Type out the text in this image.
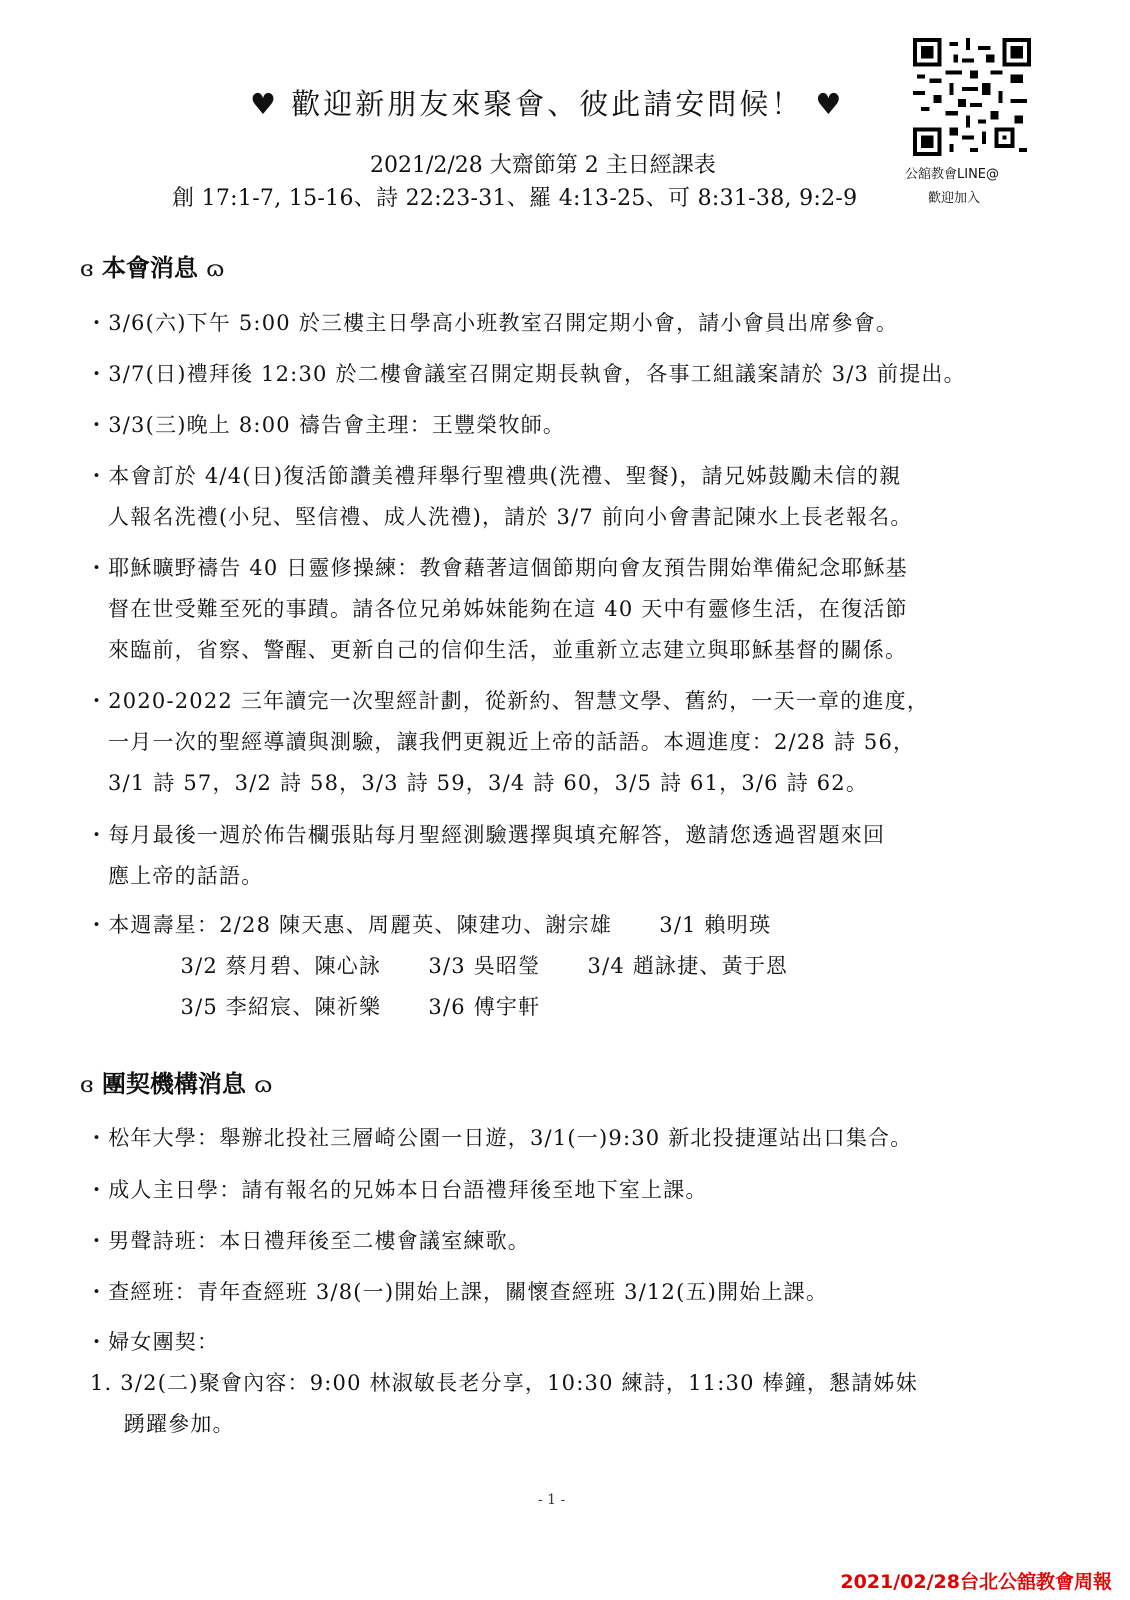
♥ 歡迎新朋友來聚會、彼此請安問候！ ♥
2021/2/28 大齋節第 2 主日經課表
創 17:1-7, 15-16、詩 22:23-31、羅 4:13-25、可 8:31-38, 9:2-9
公舘教會LINE@
歡迎加入
ɞ 本會消息 ɷ
・3/6(六)下午 5:00 於三樓主日學高小班教室召開定期小會，請小會員出席參會。
・3/7(日)禮拜後 12:30 於二樓會議室召開定期長執會，各事工組議案請於 3/3 前提出。
・3/3(三)晚上 8:00 禱告會主理：王豐榮牧師。
・本會訂於 4/4(日)復活節讚美禮拜舉行聖禮典(洗禮、聖餐)，請兄姊鼓勵未信的親
人報名洗禮(小兒、堅信禮、成人洗禮)，請於 3/7 前向小會書記陳水上長老報名。
・耶穌曠野禱告 40 日靈修操練：教會藉著這個節期向會友預告開始準備紀念耶穌基
督在世受難至死的事蹟。請各位兄弟姊妹能夠在這 40 天中有靈修生活，在復活節
來臨前，省察、警醒、更新自己的信仰生活，並重新立志建立與耶穌基督的關係。
・2020-2022 三年讀完一次聖經計劃，從新約、智慧文學、舊約，一天一章的進度，
一月一次的聖經導讀與測驗，讓我們更親近上帝的話語。本週進度：2/28 詩 56，
3/1 詩 57，3/2 詩 58，3/3 詩 59，3/4 詩 60，3/5 詩 61，3/6 詩 62。
・每月最後一週於佈告欄張貼每月聖經測驗選擇與填充解答，邀請您透過習題來回
應上帝的話語。
・本週壽星：2/28 陳天惠、周麗英、陳建功、謝宗雄      3/1 賴明瑛
3/2 蔡月碧、陳心詠      3/3 吳昭瑩      3/4 趙詠捷、黃于恩
3/5 李紹宸、陳祈樂      3/6 傅宇軒
ɞ 團契機構消息 ɷ
・松年大學：舉辦北投社三層崎公園一日遊，3/1(一)9:30 新北投捷運站出口集合。
・成人主日學：請有報名的兄姊本日台語禮拜後至地下室上課。
・男聲詩班：本日禮拜後至二樓會議室練歌。
・查經班：青年查經班 3/8(一)開始上課，關懷查經班 3/12(五)開始上課。
・婦女團契：
1. 3/2(二)聚會內容：9:00 林淑敏長老分享，10:30 練詩，11:30 棒鐘，懇請姊妹
踴躍參加。
- 1 -
2021/02/28台北公舘教會周報
